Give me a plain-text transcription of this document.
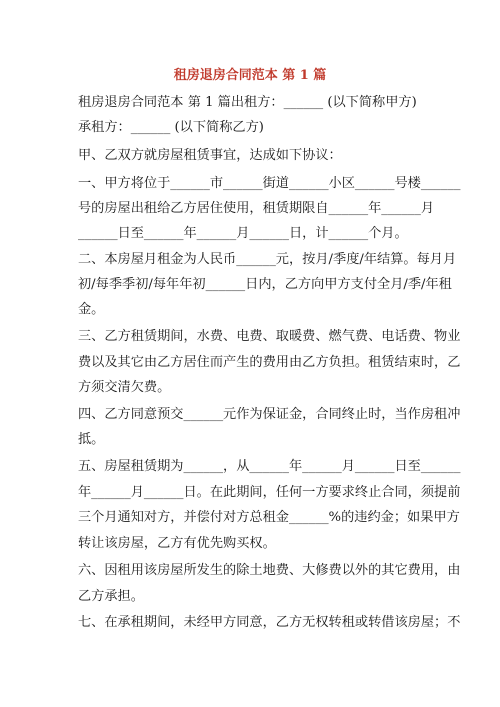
租房退房合同范本 第 1 篇
租房退房合同范本 第 1 篇出租方：______ (以下简称甲方)
承租方：______ (以下简称乙方)
甲、乙双方就房屋租赁事宜，达成如下协议：
一、甲方将位于______市______街道______小区______号楼______
号的房屋出租给乙方居住使用，租赁期限自______年______月
______日至______年______月______日，计______个月。
二、本房屋月租金为人民币______元，按月/季度/年结算。每月月
初/每季季初/每年年初______日内，乙方向甲方支付全月/季/年租
金。
三、乙方租赁期间，水费、电费、取暖费、燃气费、电话费、物业
费以及其它由乙方居住而产生的费用由乙方负担。租赁结束时，乙
方须交清欠费。
四、乙方同意预交______元作为保证金，合同终止时，当作房租冲
抵。
五、房屋租赁期为______，从______年______月______日至______
年______月______日。在此期间，任何一方要求终止合同，须提前
三个月通知对方，并偿付对方总租金______%的违约金；如果甲方
转让该房屋，乙方有优先购买权。
六、因租用该房屋所发生的除土地费、大修费以外的其它费用，由
乙方承担。
七、在承租期间，未经甲方同意，乙方无权转租或转借该房屋；不
